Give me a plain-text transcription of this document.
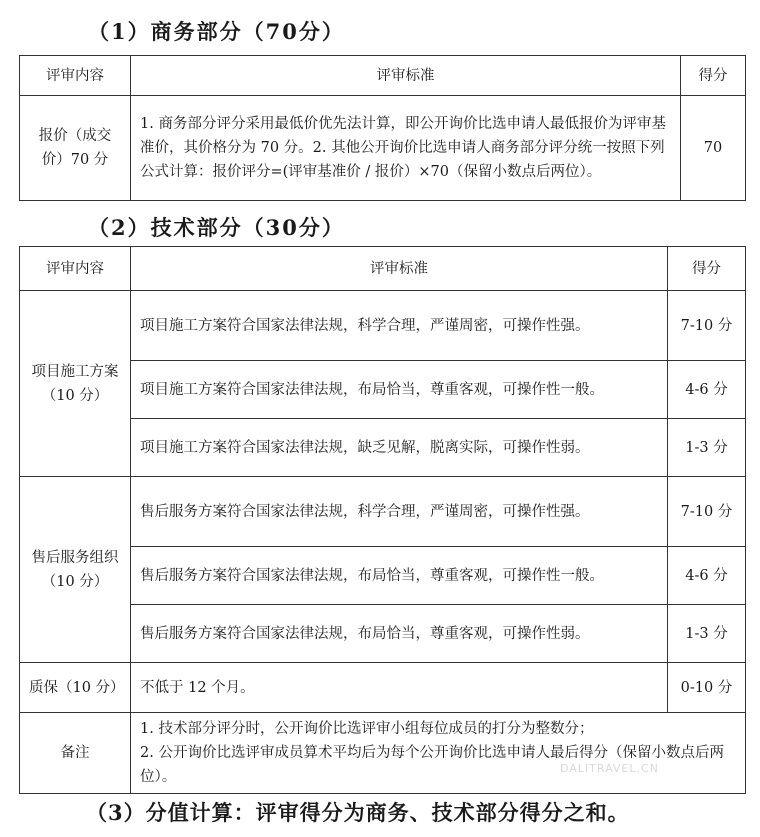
（1）商务部分（70分）
评审内容	评审标准	得分
报价（成交价）70 分	1. 商务部分评分采用最低价优先法计算，即公开询价比选申请人最低报价为评审基准价，其价格分为 70 分。2. 其他公开询价比选申请人商务部分评分统一按照下列公式计算：报价评分=(评审基准价 / 报价）×70（保留小数点后两位）。	70
（2）技术部分（30分）
评审内容	评审标准	得分
项目施工方案（10 分）	项目施工方案符合国家法律法规，科学合理，严谨周密，可操作性强。	7-10 分
	项目施工方案符合国家法律法规，布局恰当，尊重客观，可操作性一般。	4-6 分
	项目施工方案符合国家法律法规，缺乏见解，脱离实际，可操作性弱。	1-3 分
售后服务组织（10 分）	售后服务方案符合国家法律法规，科学合理，严谨周密，可操作性强。	7-10 分
	售后服务方案符合国家法律法规，布局恰当，尊重客观，可操作性一般。	4-6 分
	售后服务方案符合国家法律法规，布局恰当，尊重客观，可操作性弱。	1-3 分
质保（10 分）	不低于 12 个月。	0-10 分
备注	1. 技术部分评分时，公开询价比选评审小组每位成员的打分为整数分；
2. 公开询价比选评审成员算术平均后为每个公开询价比选申请人最后得分（保留小数点后两位）。	
（3）分值计算：评审得分为商务、技术部分得分之和。
DALITRAVEL.CN
